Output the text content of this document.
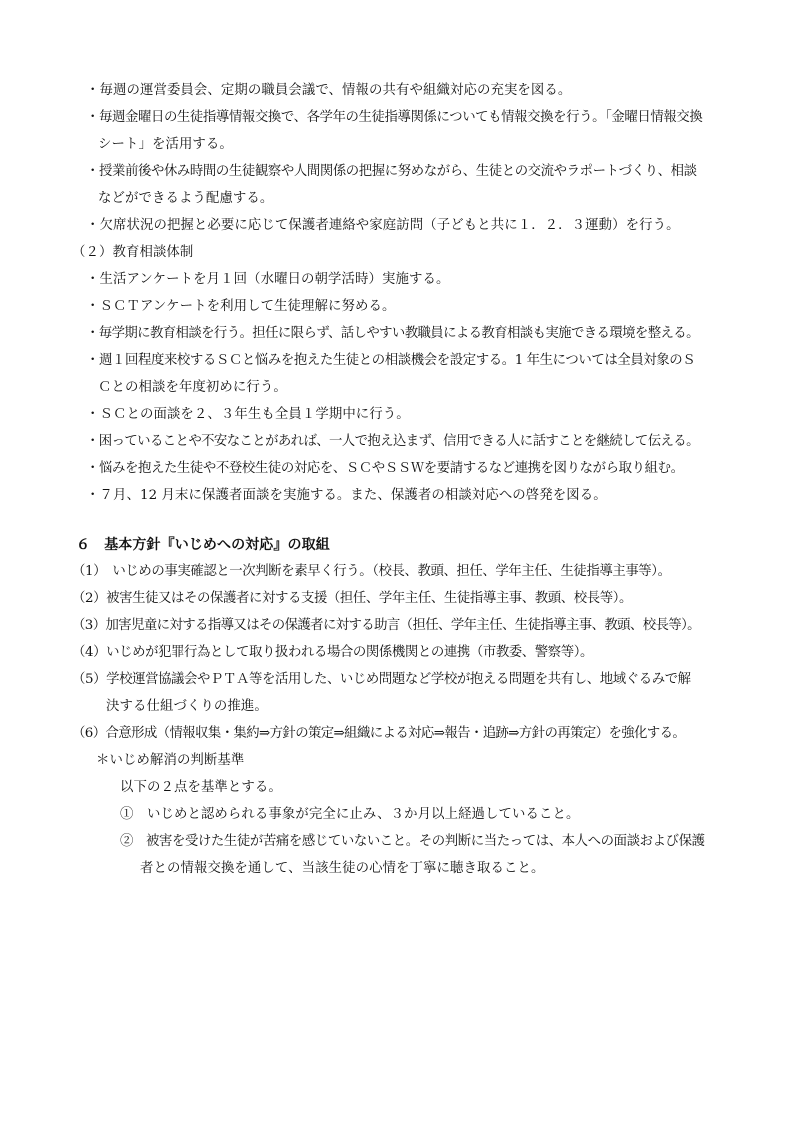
・毎週の運営委員会、定期の職員会議で、情報の共有や組織対応の充実を図る。
・毎週金曜日の生徒指導情報交換で、各学年の生徒指導関係についても情報交換を行う。「金曜日情報交換
シート」を活用する。
・授業前後や休み時間の生徒観察や人間関係の把握に努めながら、生徒との交流やラポートづくり、相談
などができるよう配慮する。
・欠席状況の把握と必要に応じて保護者連絡や家庭訪問（子どもと共に１．２．３運動）を行う。
（２）教育相談体制
・生活アンケートを月１回（水曜日の朝学活時）実施する。
・ＳＣＴアンケートを利用して生徒理解に努める。
・毎学期に教育相談を行う。担任に限らず、話しやすい教職員による教育相談も実施できる環境を整える。
・週１回程度来校するＳＣと悩みを抱えた生徒との相談機会を設定する。1 年生については全員対象のＳ
Ｃとの相談を年度初めに行う。
・ＳＣとの面談を２、３年生も全員１学期中に行う。
・困っていることや不安なことがあれば、一人で抱え込まず、信用できる人に話すことを継続して伝える。
・悩みを抱えた生徒や不登校生徒の対応を、ＳＣやＳＳＷを要請するなど連携を図りながら取り組む。
・７月、12 月末に保護者面談を実施する。また、保護者の相談対応への啓発を図る。
６　基本方針『いじめへの対応』の取組
（1）　いじめの事実確認と一次判断を素早く行う。（校長、教頭、担任、学年主任、生徒指導主事等）。
（2）被害生徒又はその保護者に対する支援（担任、学年主任、生徒指導主事、教頭、校長等）。
（3）加害児童に対する指導又はその保護者に対する助言（担任、学年主任、生徒指導主事、教頭、校長等）。
（4）いじめが犯罪行為として取り扱われる場合の関係機関との連携（市教委、警察等）。
（5）学校運営協議会やＰＴＡ等を活用した、いじめ問題など学校が抱える問題を共有し、地域ぐるみで解
決する仕組づくりの推進。
（6）合意形成（情報収集・集約⇒方針の策定⇒組織による対応⇒報告・追跡⇒方針の再策定）を強化する。
＊いじめ解消の判断基準
以下の２点を基準とする。
①　いじめと認められる事象が完全に止み、３か月以上経過していること。
②　被害を受けた生徒が苦痛を感じていないこと。その判断に当たっては、本人への面談および保護
者との情報交換を通して、当該生徒の心情を丁寧に聴き取ること。
